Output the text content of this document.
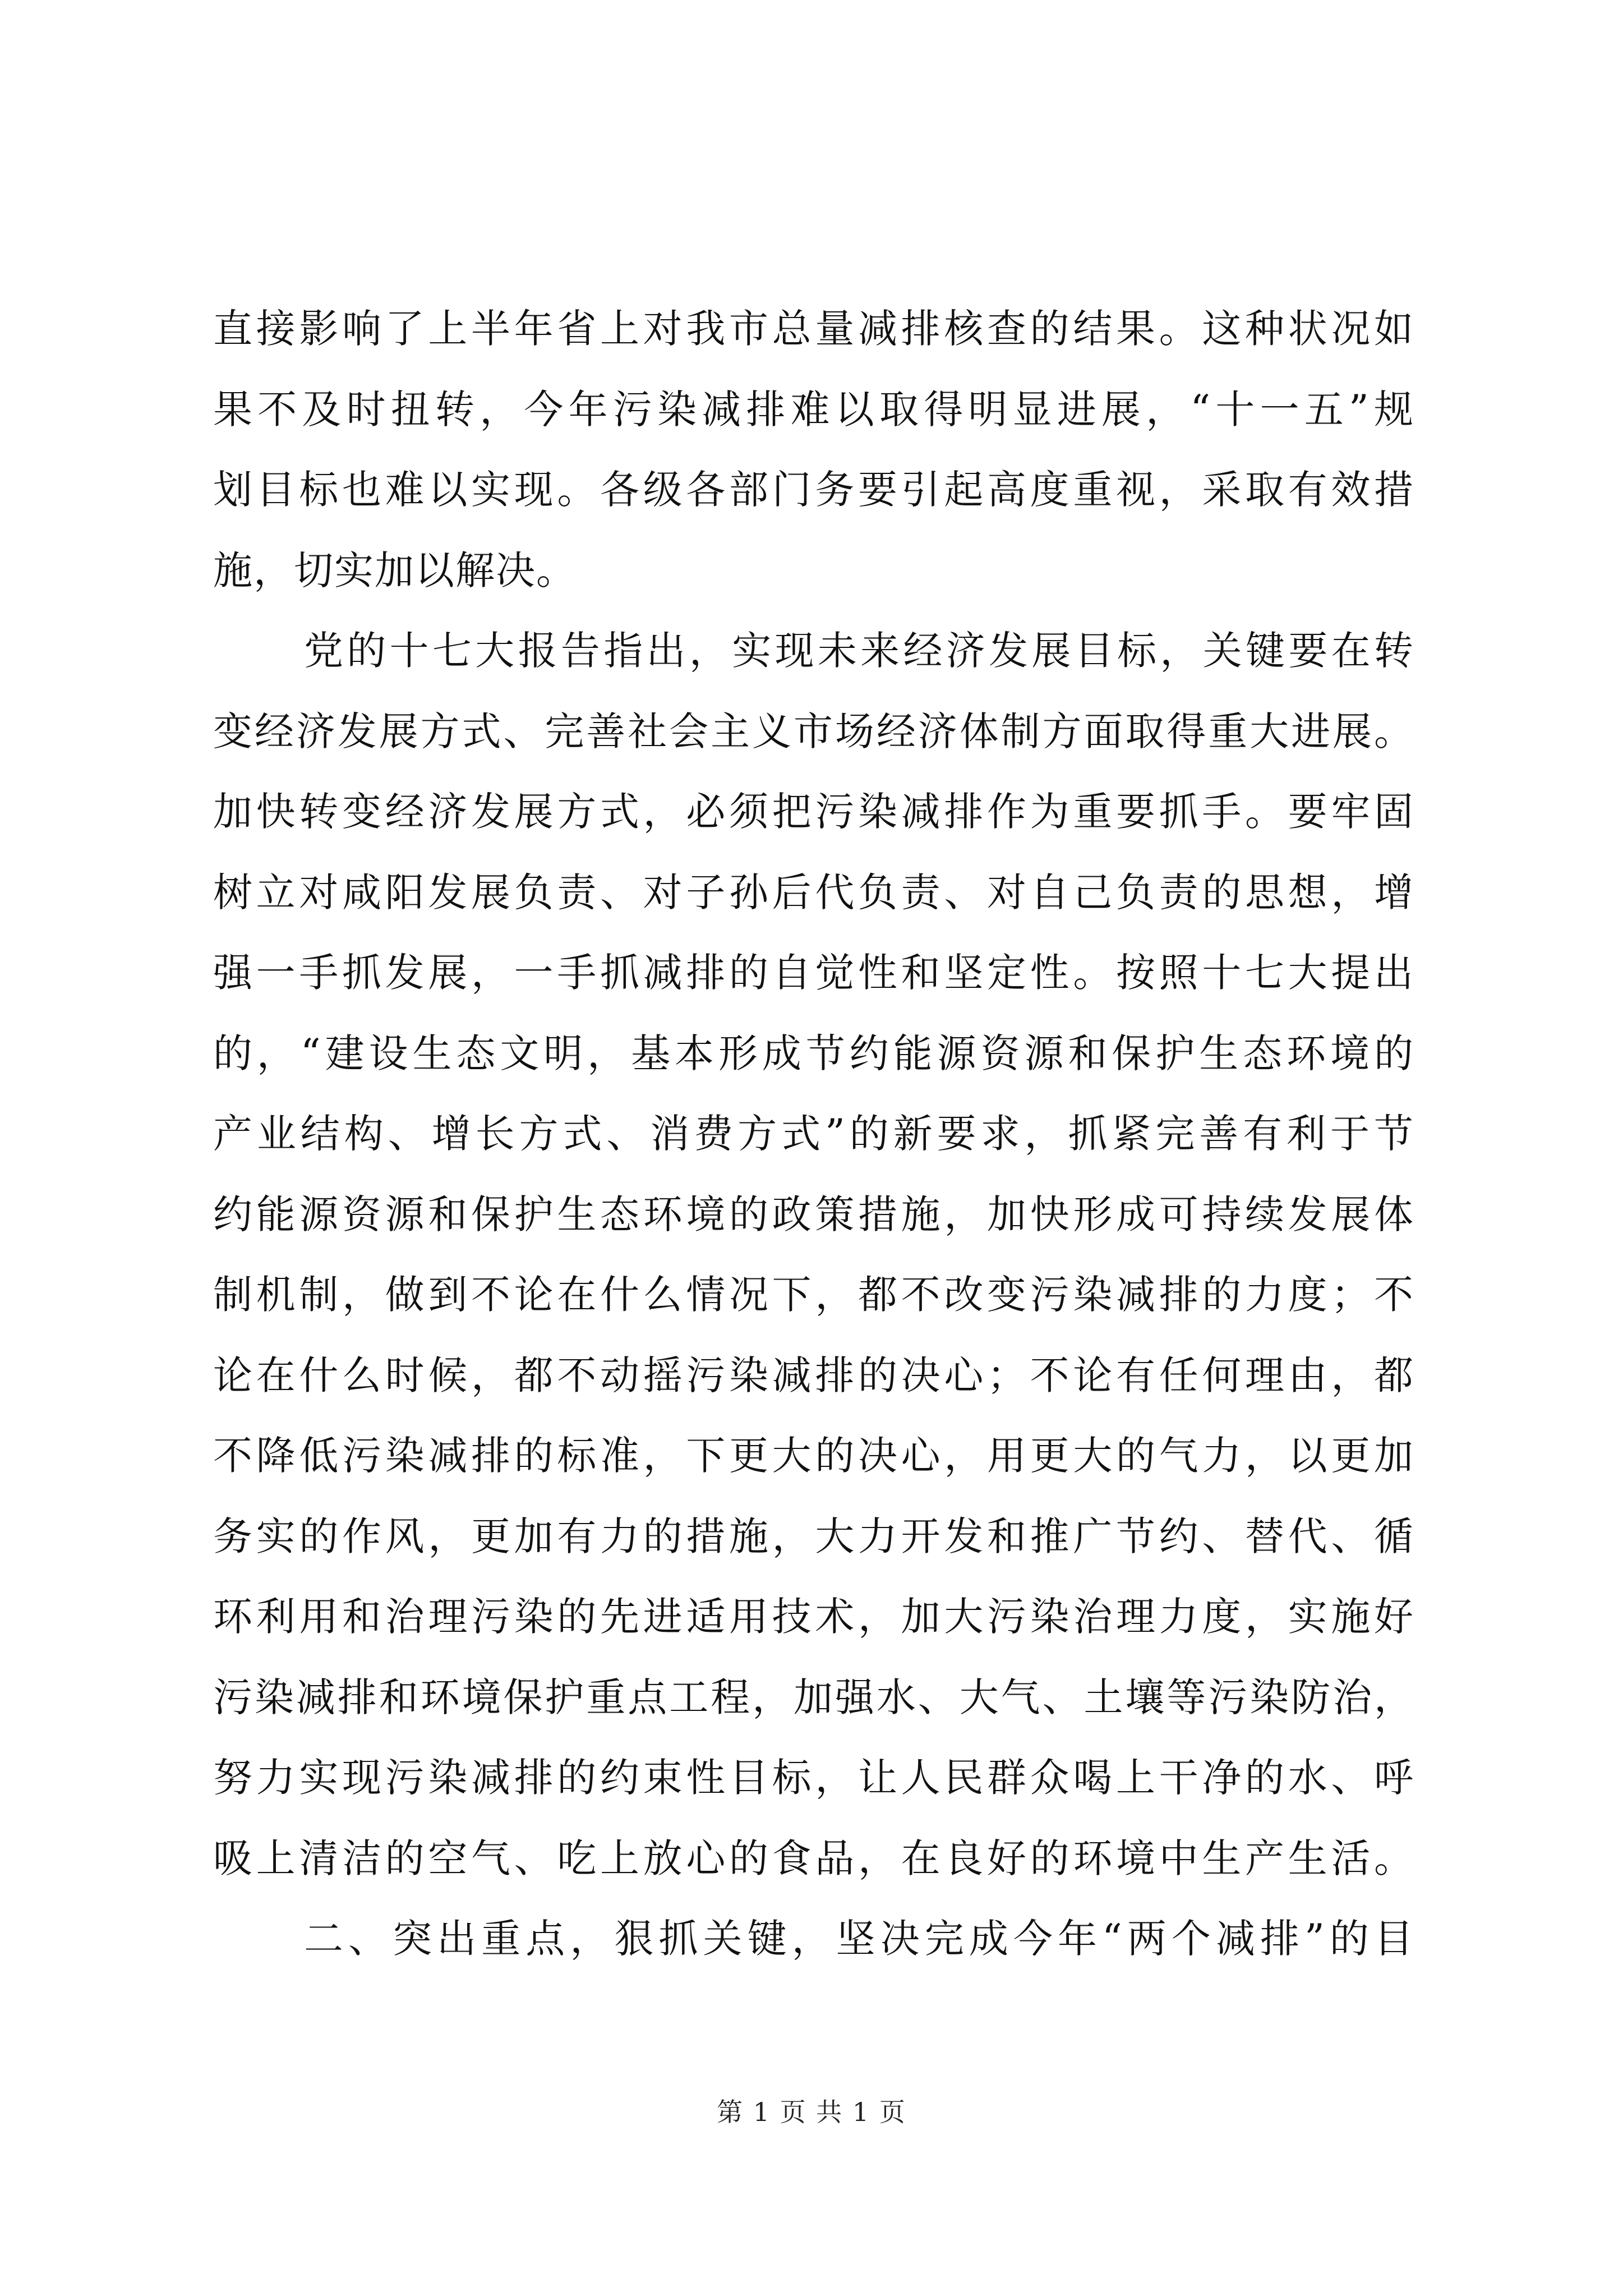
直接影响了上半年省上对我市总量减排核查的结果。这种状况如
果不及时扭转，今年污染减排难以取得明显进展，“十一五”规
划目标也难以实现。各级各部门务要引起高度重视，采取有效措
施，切实加以解决。
党的十七大报告指出，实现未来经济发展目标，关键要在转
变经济发展方式、完善社会主义市场经济体制方面取得重大进展。
加快转变经济发展方式，必须把污染减排作为重要抓手。要牢固
树立对咸阳发展负责、对子孙后代负责、对自己负责的思想，增
强一手抓发展，一手抓减排的自觉性和坚定性。按照十七大提出
的，“建设生态文明，基本形成节约能源资源和保护生态环境的
产业结构、增长方式、消费方式”的新要求，抓紧完善有利于节
约能源资源和保护生态环境的政策措施，加快形成可持续发展体
制机制，做到不论在什么情况下，都不改变污染减排的力度；不
论在什么时候，都不动摇污染减排的决心；不论有任何理由，都
不降低污染减排的标准，下更大的决心，用更大的气力，以更加
务实的作风，更加有力的措施，大力开发和推广节约、替代、循
环利用和治理污染的先进适用技术，加大污染治理力度，实施好
污染减排和环境保护重点工程，加强水、大气、土壤等污染防治，
努力实现污染减排的约束性目标，让人民群众喝上干净的水、呼
吸上清洁的空气、吃上放心的食品，在良好的环境中生产生活。
二、突出重点，狠抓关键，坚决完成今年“两个减排”的目
第 1 页 共 1 页
